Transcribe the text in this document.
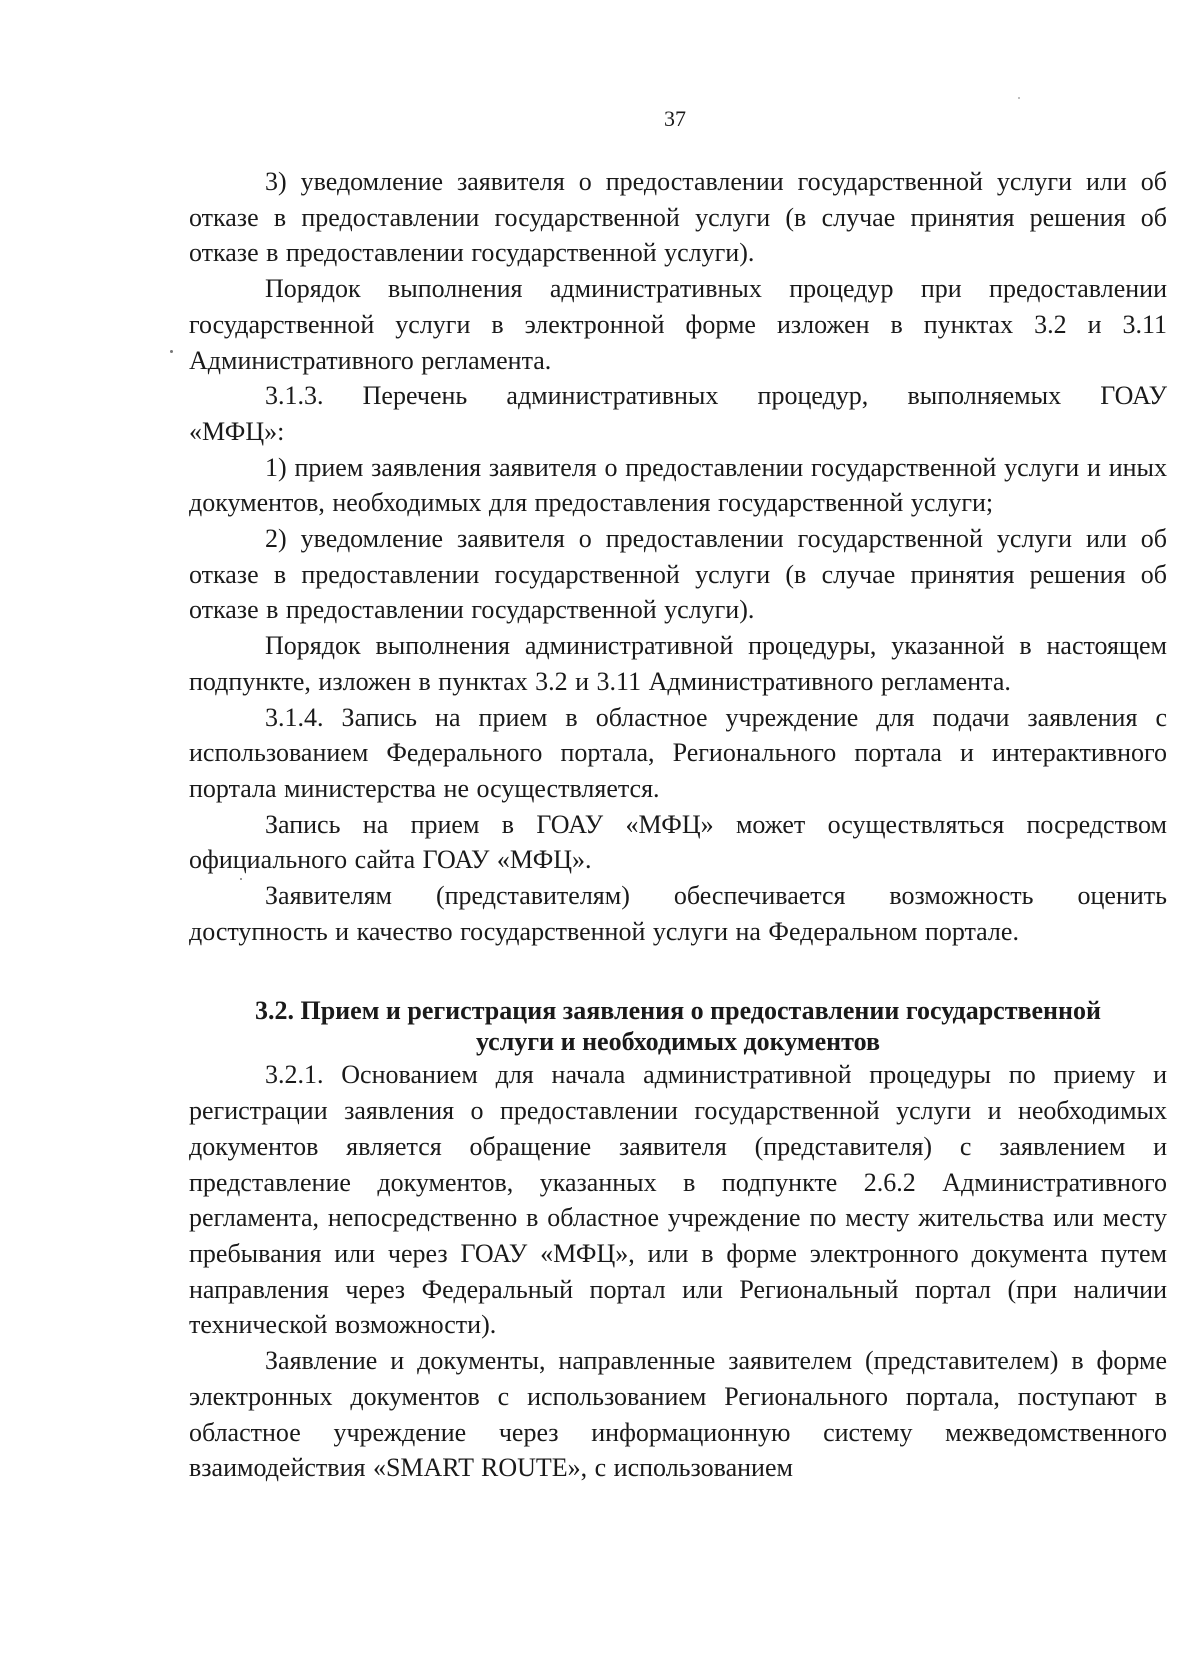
37

3) уведомление заявителя о предоставлении государственной услуги или об отказе в предоставлении государственной услуги (в случае принятия решения об отказе в предоставлении государственной услуги).

Порядок выполнения административных процедур при предоставлении государственной услуги в электронной форме изложен в пунктах 3.2 и 3.11 Административного регламента.

3.1.3. Перечень административных процедур, выполняемых ГОАУ «МФЦ»:

1) прием заявления заявителя о предоставлении государственной услуги и иных документов, необходимых для предоставления государственной услуги;

2) уведомление заявителя о предоставлении государственной услуги или об отказе в предоставлении государственной услуги (в случае принятия решения об отказе в предоставлении государственной услуги).

Порядок выполнения административной процедуры, указанной в настоящем подпункте, изложен в пунктах 3.2 и 3.11 Административного регламента.

3.1.4. Запись на прием в областное учреждение для подачи заявления с использованием Федерального портала, Регионального портала и интерактивного портала министерства не осуществляется.

Запись на прием в ГОАУ «МФЦ» может осуществляться посредством официального сайта ГОАУ «МФЦ».

Заявителям (представителям) обеспечивается возможность оценить доступность и качество государственной услуги на Федеральном портале.

3.2. Прием и регистрация заявления о предоставлении государственной
услуги и необходимых документов

3.2.1. Основанием для начала административной процедуры по приему и регистрации заявления о предоставлении государственной услуги и необходимых документов является обращение заявителя (представителя) с заявлением и представление документов, указанных в подпункте 2.6.2 Административного регламента, непосредственно в областное учреждение по месту жительства или месту пребывания или через ГОАУ «МФЦ», или в форме электронного документа путем направления через Федеральный портал или Региональный портал (при наличии технической возможности).

Заявление и документы, направленные заявителем (представителем) в форме электронных документов с использованием Регионального портала, поступают в областное учреждение через информационную систему межведомственного взаимодействия «SMART ROUTE», с использованием
